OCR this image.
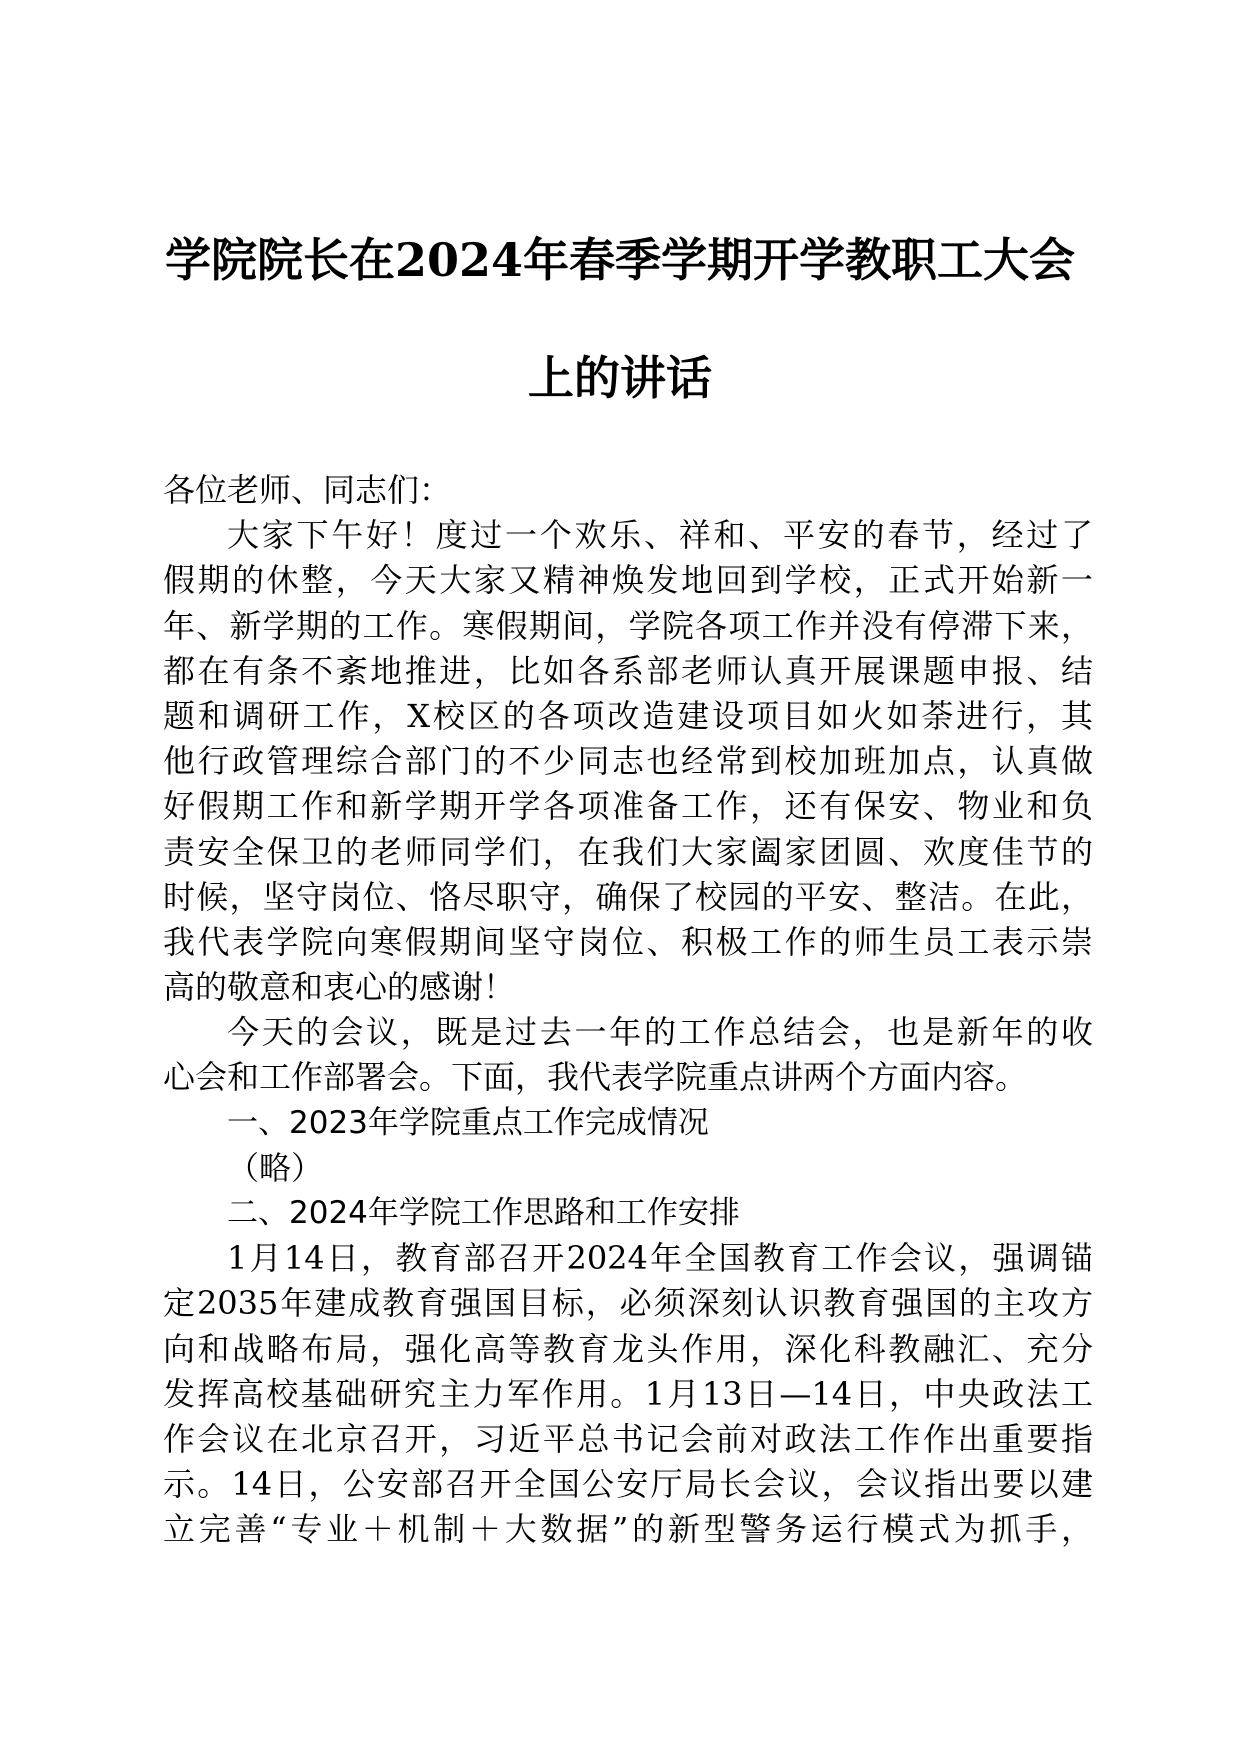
学院院长在2024年春季学期开学教职工大会
上的讲话
各位老师、同志们：
大家下午好！度过一个欢乐、祥和、平安的春节，经过了
假期的休整，今天大家又精神焕发地回到学校，正式开始新一
年、新学期的工作。寒假期间，学院各项工作并没有停滞下来，
都在有条不紊地推进，比如各系部老师认真开展课题申报、结
题和调研工作，X校区的各项改造建设项目如火如荼进行，其
他行政管理综合部门的不少同志也经常到校加班加点，认真做
好假期工作和新学期开学各项准备工作，还有保安、物业和负
责安全保卫的老师同学们，在我们大家阖家团圆、欢度佳节的
时候，坚守岗位、恪尽职守，确保了校园的平安、整洁。在此，
我代表学院向寒假期间坚守岗位、积极工作的师生员工表示崇
高的敬意和衷心的感谢！
今天的会议，既是过去一年的工作总结会，也是新年的收
心会和工作部署会。下面，我代表学院重点讲两个方面内容。
一、2023年学院重点工作完成情况
（略）
二、2024年学院工作思路和工作安排
1月14日，教育部召开2024年全国教育工作会议，强调锚
定2035年建成教育强国目标，必须深刻认识教育强国的主攻方
向和战略布局，强化高等教育龙头作用，深化科教融汇、充分
发挥高校基础研究主力军作用。1月13日—14日，中央政法工
作会议在北京召开，习近平总书记会前对政法工作作出重要指
示。14日，公安部召开全国公安厅局长会议，会议指出要以建
立完善“专业＋机制＋大数据”的新型警务运行模式为抓手，
